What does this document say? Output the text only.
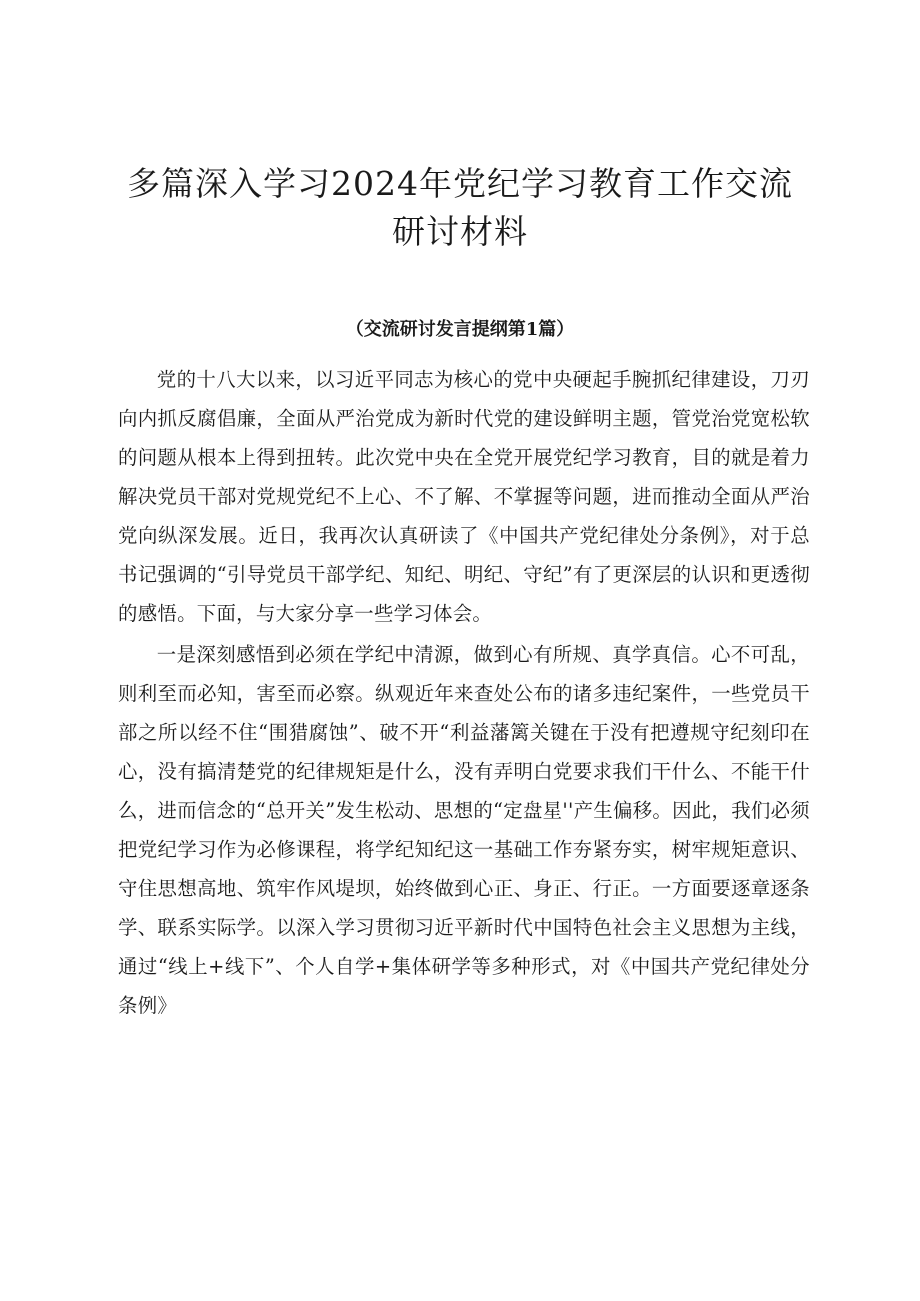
多篇深入学习2024年党纪学习教育工作交流研讨材料
（交流研讨发言提纲第1篇）

党的十八大以来，以习近平同志为核心的党中央硬起手腕抓纪律建设，刀刃向内抓反腐倡廉，全面从严治党成为新时代党的建设鲜明主题，管党治党宽松软的问题从根本上得到扭转。此次党中央在全党开展党纪学习教育，目的就是着力解决党员干部对党规党纪不上心、不了解、不掌握等问题，进而推动全面从严治党向纵深发展。近日，我再次认真研读了《中国共产党纪律处分条例》，对于总书记强调的“引导党员干部学纪、知纪、明纪、守纪”有了更深层的认识和更透彻的感悟。下面，与大家分享一些学习体会。

一是深刻感悟到必须在学纪中清源，做到心有所规、真学真信。心不可乱，则利至而必知，害至而必察。纵观近年来查处公布的诸多违纪案件，一些党员干部之所以经不住“围猎腐蚀”、破不开“利益藩篱关键在于没有把遵规守纪刻印在心，没有搞清楚党的纪律规矩是什么，没有弄明白党要求我们干什么、不能干什么，进而信念的“总开关”发生松动、思想的“定盘星''产生偏移。因此，我们必须把党纪学习作为必修课程，将学纪知纪这一基础工作夯紧夯实，树牢规矩意识、守住思想高地、筑牢作风堤坝，始终做到心正、身正、行正。一方面要逐章逐条学、联系实际学。以深入学习贯彻习近平新时代中国特色社会主义思想为主线，通过“线上+线下”、个人自学+集体研学等多种形式，对《中国共产党纪律处分条例》
